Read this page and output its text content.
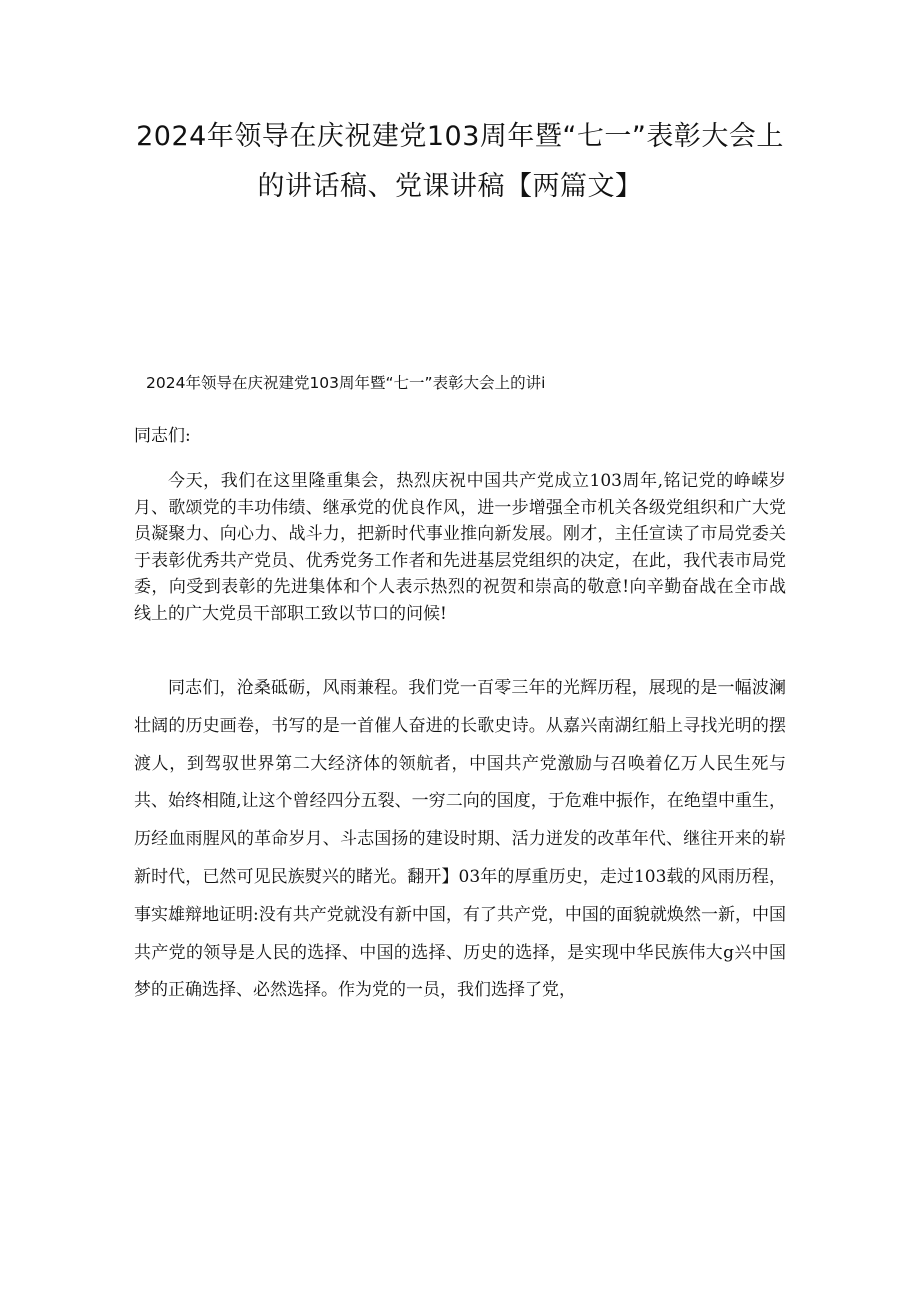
2024年领导在庆祝建党103周年暨“七一”表彰大会上
的讲话稿、党课讲稿【两篇文】
2024年领导在庆祝建党103周年暨“七一”表彰大会上的讲i

同志们:

今天，我们在这里隆重集会，热烈庆祝中国共产党成立103周年,铭记党的峥嵘岁月、歌颂党的丰功伟绩、继承党的优良作风，进一步增强全市机关各级党组织和广大党员凝聚力、向心力、战斗力，把新时代事业推向新发展。刚才，主任宣读了市局党委关于表彰优秀共产党员、优秀党务工作者和先进基层党组织的决定，在此，我代表市局党委，向受到表彰的先进集体和个人表示热烈的祝贺和崇高的敬意!向辛勤奋战在全市战线上的广大党员干部职工致以节口的问候!

同志们，沧桑砥砺，风雨兼程。我们党一百零三年的光辉历程，展现的是一幅波澜壮阔的历史画卷，书写的是一首催人奋进的长歌史诗。从嘉兴南湖红船上寻找光明的摆渡人，到驾驭世界第二大经济体的领航者，中国共产党激励与召唤着亿万人民生死与共、始终相随,让这个曾经四分五裂、一穷二向的国度，于危难中振作，在绝望中重生，历经血雨腥风的革命岁月、斗志国扬的建设时期、活力迸发的改革年代、继往开来的崭新时代，已然可见民族熨兴的睹光。翻开】03年的厚重历史，走过103载的风雨历程，事实雄辩地证明:没有共产党就没有新中国，有了共产党，中国的面貌就焕然一新，中国共产党的领导是人民的选择、中国的选择、历史的选择，是实现中华民族伟大g兴中国梦的正确选择、必然选择。作为党的一员，我们选择了党，
